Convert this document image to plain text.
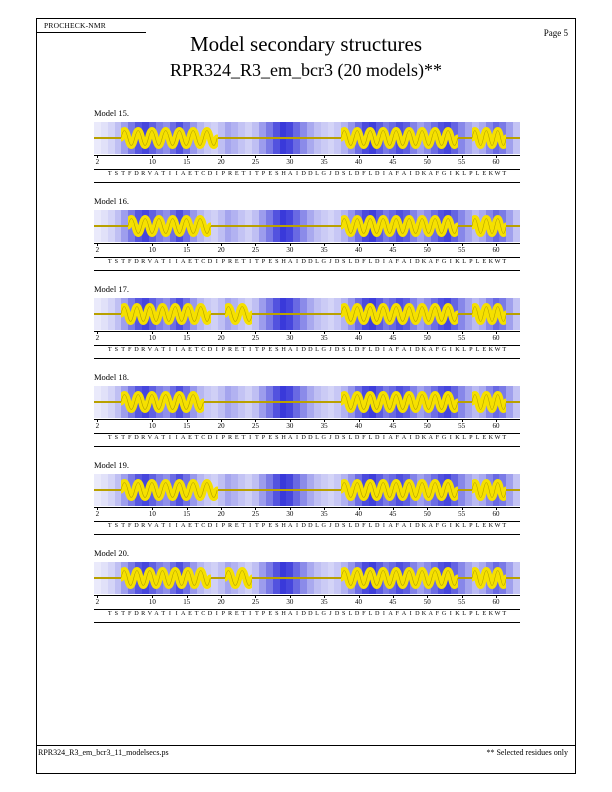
PROCHECK-NMR
Page 5
Model secondary structures
RPR324_R3_em_bcr3 (20 models)**
Model 15.
2	10	15	20	25	30	35	40	45	50	55	60
T S T F D R V A T I I A E T C D I P R E T I T P E S H A I D D L G J D S L D F L D I A F A I D K A F G I K L P L E K W T
Model 16.
2	10	15	20	25	30	35	40	45	50	55	60
T S T F D R V A T I I A E T C D I P R E T I T P E S H A I D D L G J D S L D F L D I A F A I D K A F G I K L P L E K W T
Model 17.
2	10	15	20	25	30	35	40	45	50	55	60
T S T F D R V A T I I A E T C D I P R E T I T P E S H A I D D L G J D S L D F L D I A F A I D K A F G I K L P L E K W T
Model 18.
2	10	15	20	25	30	35	40	45	50	55	60
T S T F D R V A T I I A E T C D I P R E T I T P E S H A I D D L G J D S L D F L D I A F A I D K A F G I K L P L E K W T
Model 19.
2	10	15	20	25	30	35	40	45	50	55	60
T S T F D R V A T I I A E T C D I P R E T I T P E S H A I D D L G J D S L D F L D I A F A I D K A F G I K L P L E K W T
Model 20.
2	10	15	20	25	30	35	40	45	50	55	60
T S T F D R V A T I I A E T C D I P R E T I T P E S H A I D D L G J D S L D F L D I A F A I D K A F G I K L P L E K W T
RPR324_R3_em_bcr3_11_modelsecs.ps	** Selected residues only
